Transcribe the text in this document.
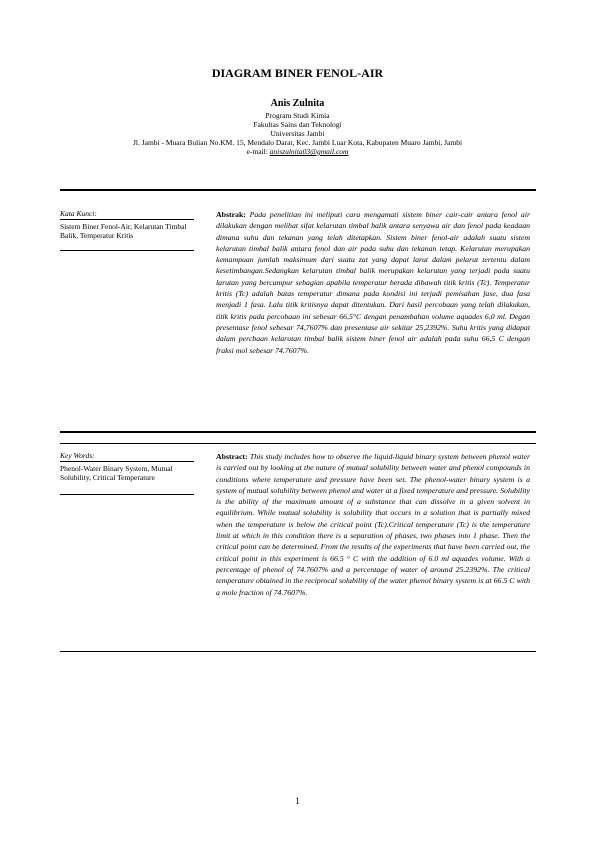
DIAGRAM BINER FENOL-AIR
Anis Zulnita
Program Studi Kimia
Fakultas Sains dan Teknologi
Universitas Jambi
Jl. Jambi - Muara Bulian No.KM. 15, Mendalo Darat, Kec. Jambi Luar Kota, Kabupaten Muaro Jambi, Jambi
e-mail: aniszulnita03@gmail.com
Kata Kunci:
Sistem Biner Fenol-Air, Kelarutan Timbal Balik, Temperatur Kritis
Abstrak: Pada penelitian ini meliputi cara mengamati sistem biner cair-cair antara fenol air dilakukan dengan melihat sifat kelarutan timbal balik antara senyawa air dan fenol pada keadaan dimana suhu dan tekanan yang telah ditetapkan. Sistem biner fenol-air adalah suatu sistem kelarutan timbal balik antara fenol dan air pada suhu dan tekanan tetap. Kelarutan merupakan kemampuan jumlah maksimum dari suatu zat yang dapat larut dalam pelarut tertentu dalam kesetimbangan.Sedangkan kelarutan timbal balik merupakan kelarutan yang terjadi pada suatu larutan yang bercampur sebagian apabila temperatur berada dibawah titik kritis (Tc). Temperatur kritis (Tc) adalah batas temperatur dimana pada kondisi ini terjadi pemisahan fase, dua fasa menjadi 1 fasa. Lalu titik kritisnya dapat ditentukan. Dari hasil percobaan yang telah dilakukan, titik kritis pada percobaan ini sebesar 66,5°C dengan penambahan volume aquades 6,0 ml. Degan presentase fenol sebesar 74,7607% dan presentase air sekitar 25,2392%. Suhu kritis yang didapat dalam percbaan kelarutan timbal balik sistem biner fenol air adalah pada suhu 66,5 C dengan fraksi mol sebesar 74.7607%.
Key Words:
Phenol-Water Binary System, Mutual Solubility, Critical Temperature
Abstract: This study includes how to observe the liquid-liquid binary system between phenol water is carried out by looking at the nature of mutual solubility between water and phenol compounds in conditions where temperature and pressure have been set. The phenol-water binary system is a system of mutual solubility between phenol and water at a fixed temperature and pressure. Solubility is the ability of the maximum amount of a substance that can dissolve in a given solvent in equilibrium. While mutual solubility is solubility that occurs in a solution that is partially mixed when the temperature is below the critical point (Tc).Critical temperature (Tc) is the temperature limit at which in this condition there is a separation of phases, two phases into 1 phase. Then the critical point can be determined. From the results of the experiments that have been carried out, the critical point in this experiment is 66.5 ° C with the addition of 6.0 ml aquades volume. With a percentage of phenol of 74.7607% and a percentage of water of around 25.2392%. The critical temperature obtained in the reciprocal solubility of the water phenol binary system is at 66.5 C with a mole fraction of 74.7607%.
1
